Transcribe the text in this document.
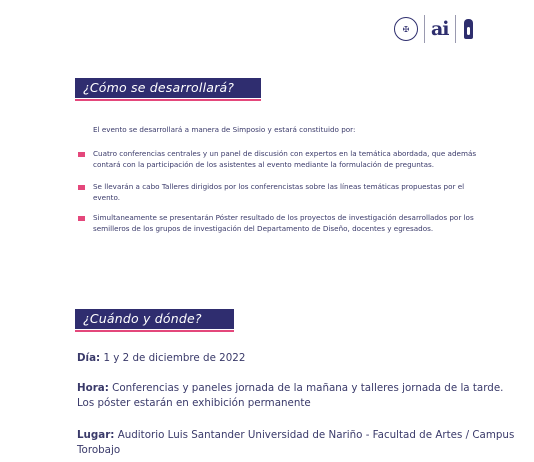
✠	ai
¿Cómo se desarrollará?
El evento se desarrollará a manera de Simposio y estará constituido por:
Cuatro conferencias centrales y un panel de discusión con expertos en la temática abordada, que además contará con la participación de los asistentes al evento mediante la formulación de preguntas.
Se llevarán a cabo Talleres dirigidos por los conferencistas sobre las líneas temáticas propuestas por el evento.
Simultaneamente se presentarán Póster resultado de los proyectos de investigación desarrollados por los semilleros de los grupos de investigación del Departamento de Diseño, docentes y egresados.
¿Cuándo y dónde?
Día: 1 y 2 de diciembre de 2022
Hora: Conferencias y paneles jornada de la mañana y talleres jornada de la tarde. Los póster estarán en exhibición permanente
Lugar: Auditorio Luis Santander Universidad de Nariño - Facultad de Artes / Campus Torobajo
